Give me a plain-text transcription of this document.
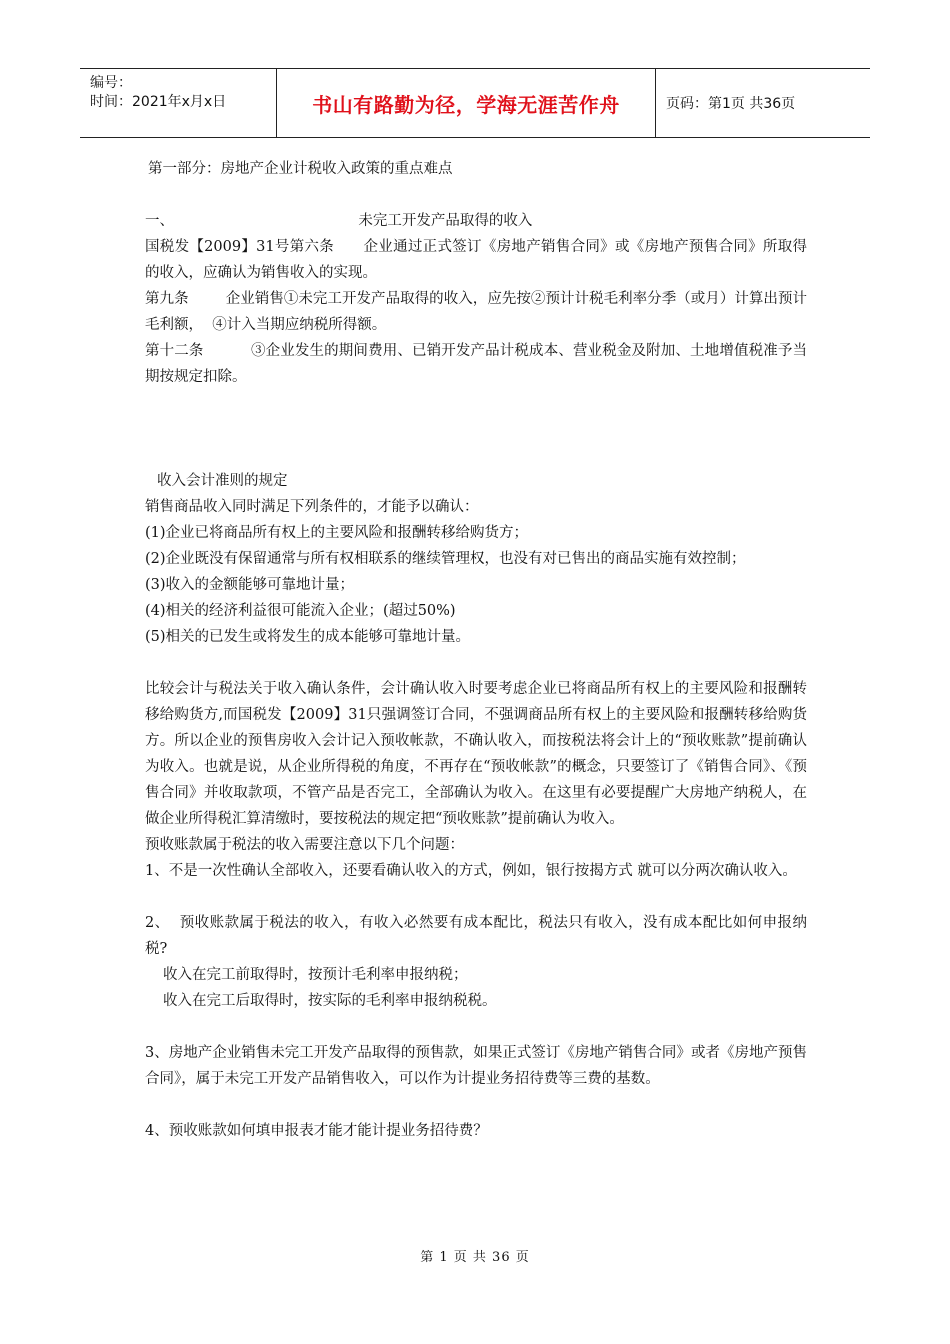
编号：
时间：2021年x月x日	书山有路勤为径，学海无涯苦作舟	页码：第1页 共36页

第一部分：房地产企业计税收入政策的重点难点

一、                                        未完工开发产品取得的收入

国税发【2009】31号第六条      企业通过正式签订《房地产销售合同》或《房地产预售合同》所取得的收入，应确认为销售收入的实现。

第九条        企业销售①未完工开发产品取得的收入，应先按②预计计税毛利率分季（或月）计算出预计毛利额，  ④计入当期应纳税所得额。

第十二条          ③企业发生的期间费用、已销开发产品计税成本、营业税金及附加、土地增值税准予当期按规定扣除。

收入会计准则的规定

销售商品收入同时满足下列条件的，才能予以确认：

(1)企业已将商品所有权上的主要风险和报酬转移给购货方；

(2)企业既没有保留通常与所有权相联系的继续管理权，也没有对已售出的商品实施有效控制；

(3)收入的金额能够可靠地计量；

(4)相关的经济利益很可能流入企业；(超过50%)

(5)相关的已发生或将发生的成本能够可靠地计量。

比较会计与税法关于收入确认条件，会计确认收入时要考虑企业已将商品所有权上的主要风险和报酬转移给购货方,而国税发【2009】31只强调签订合同，不强调商品所有权上的主要风险和报酬转移给购货方。所以企业的预售房收入会计记入预收帐款，不确认收入，而按税法将会计上的“预收账款”提前确认为收入。也就是说，从企业所得税的角度，不再存在“预收帐款”的概念，只要签订了《销售合同》、《预售合同》并收取款项，不管产品是否完工，全部确认为收入。在这里有必要提醒广大房地产纳税人，在做企业所得税汇算清缴时，要按税法的规定把“预收账款”提前确认为收入。

预收账款属于税法的收入需要注意以下几个问题：

1、不是一次性确认全部收入，还要看确认收入的方式，例如，银行按揭方式 就可以分两次确认收入。

2、  预收账款属于税法的收入，有收入必然要有成本配比，税法只有收入，没有成本配比如何申报纳税?

收入在完工前取得时，按预计毛利率申报纳税；

收入在完工后取得时，按实际的毛利率申报纳税税。

3、房地产企业销售未完工开发产品取得的预售款，如果正式签订《房地产销售合同》或者《房地产预售合同》，属于未完工开发产品销售收入，可以作为计提业务招待费等三费的基数。

4、预收账款如何填申报表才能才能计提业务招待费？

第 1 页 共 36 页
